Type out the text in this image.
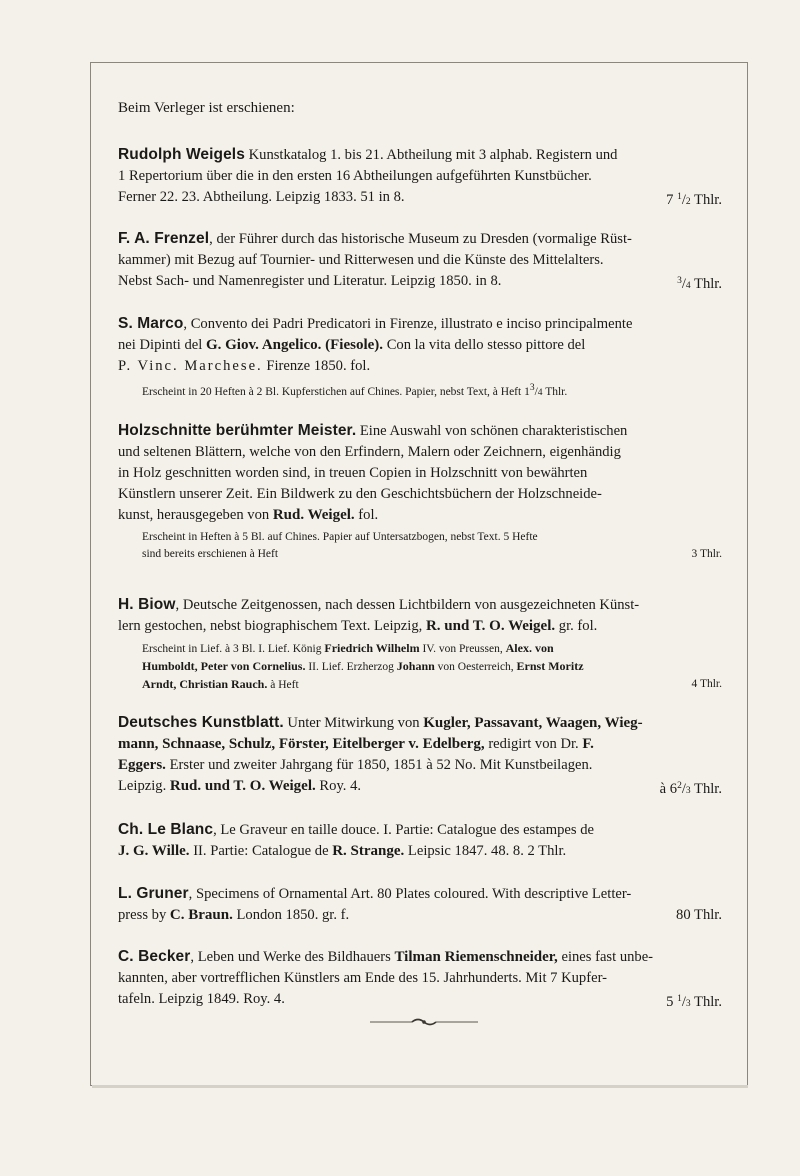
Beim Verleger ist erschienen:
Rudolph Weigels Kunstkatalog 1. bis 21. Abtheilung mit 3 alphab. Registern und
1 Repertorium über die in den ersten 16 Abtheilungen aufgeführten Kunstbücher.
Ferner 22. 23. Abtheilung. Leipzig 1833. 51 in 8.	7 $^1$/2 Thlr.
F. A. Frenzel, der Führer durch das historische Museum zu Dresden (vormalige Rüst-
kammer) mit Bezug auf Tournier- und Ritterwesen und die Künste des Mittelalters.
Nebst Sach- und Namenregister und Literatur. Leipzig 1850. in 8.	$^3$/4 Thlr.
S. Marco, Convento dei Padri Predicatori in Firenze, illustrato e inciso principalmente
nei Dipinti del G. Giov. Angelico. (Fiesole). Con la vita dello stesso pittore del
P. Vinc. Marchese. Firenze 1850. fol.
Erscheint in 20 Heften à 2 Bl. Kupferstichen auf Chines. Papier, nebst Text, à Heft $1^3/4$ Thlr.
Holzschnitte berühmter Meister. Eine Auswahl von schönen charakteristischen
und seltenen Blättern, welche von den Erfindern, Malern oder Zeichnern, eigenhändig
in Holz geschnitten worden sind, in treuen Copien in Holzschnitt von bewährten
Künstlern unserer Zeit. Ein Bildwerk zu den Geschichtsbüchern der Holzschneide-
kunst, herausgegeben von Rud. Weigel. fol.
Erscheint in Heften à 5 Bl. auf Chines. Papier auf Untersatzbogen, nebst Text. 5 Hefte
sind bereits erschienen à Heft	3 Thlr.
H. Biow, Deutsche Zeitgenossen, nach dessen Lichtbildern von ausgezeichneten Künst-
lern gestochen, nebst biographischem Text. Leipzig, R. und T. O. Weigel. gr. fol.
Erscheint in Lief. à 3 Bl. I. Lief. König Friedrich Wilhelm IV. von Preussen, Alex. von
Humboldt, Peter von Cornelius. II. Lief. Erzherzog Johann von Oesterreich, Ernst Moritz
Arndt, Christian Rauch. à Heft	4 Thlr.
Deutsches Kunstblatt. Unter Mitwirkung von Kugler, Passavant, Waagen, Wieg-
mann, Schnaase, Schulz, Förster, Eitelberger v. Edelberg, redigirt von Dr. F.
Eggers. Erster und zweiter Jahrgang für 1850, 1851 à 52 No. Mit Kunstbeilagen.
Leipzig. Rud. und T. O. Weigel. Roy. 4.	à $6^2/3$ Thlr.
Ch. Le Blanc, Le Graveur en taille douce. I. Partie: Catalogue des estampes de
J. G. Wille. II. Partie: Catalogue de R. Strange. Leipsic 1847. 48. 8. 2 Thlr.
L. Gruner, Specimens of Ornamental Art. 80 Plates coloured. With descriptive Letter-
press by C. Braun. London 1850. gr. f.	80 Thlr.
C. Becker, Leben und Werke des Bildhauers Tilman Riemenschneider, eines fast unbe-
kannten, aber vortrefflichen Künstlers am Ende des 15. Jahrhunderts. Mit 7 Kupfer-
tafeln. Leipzig 1849. Roy. 4.	5 $^1$/3 Thlr.
